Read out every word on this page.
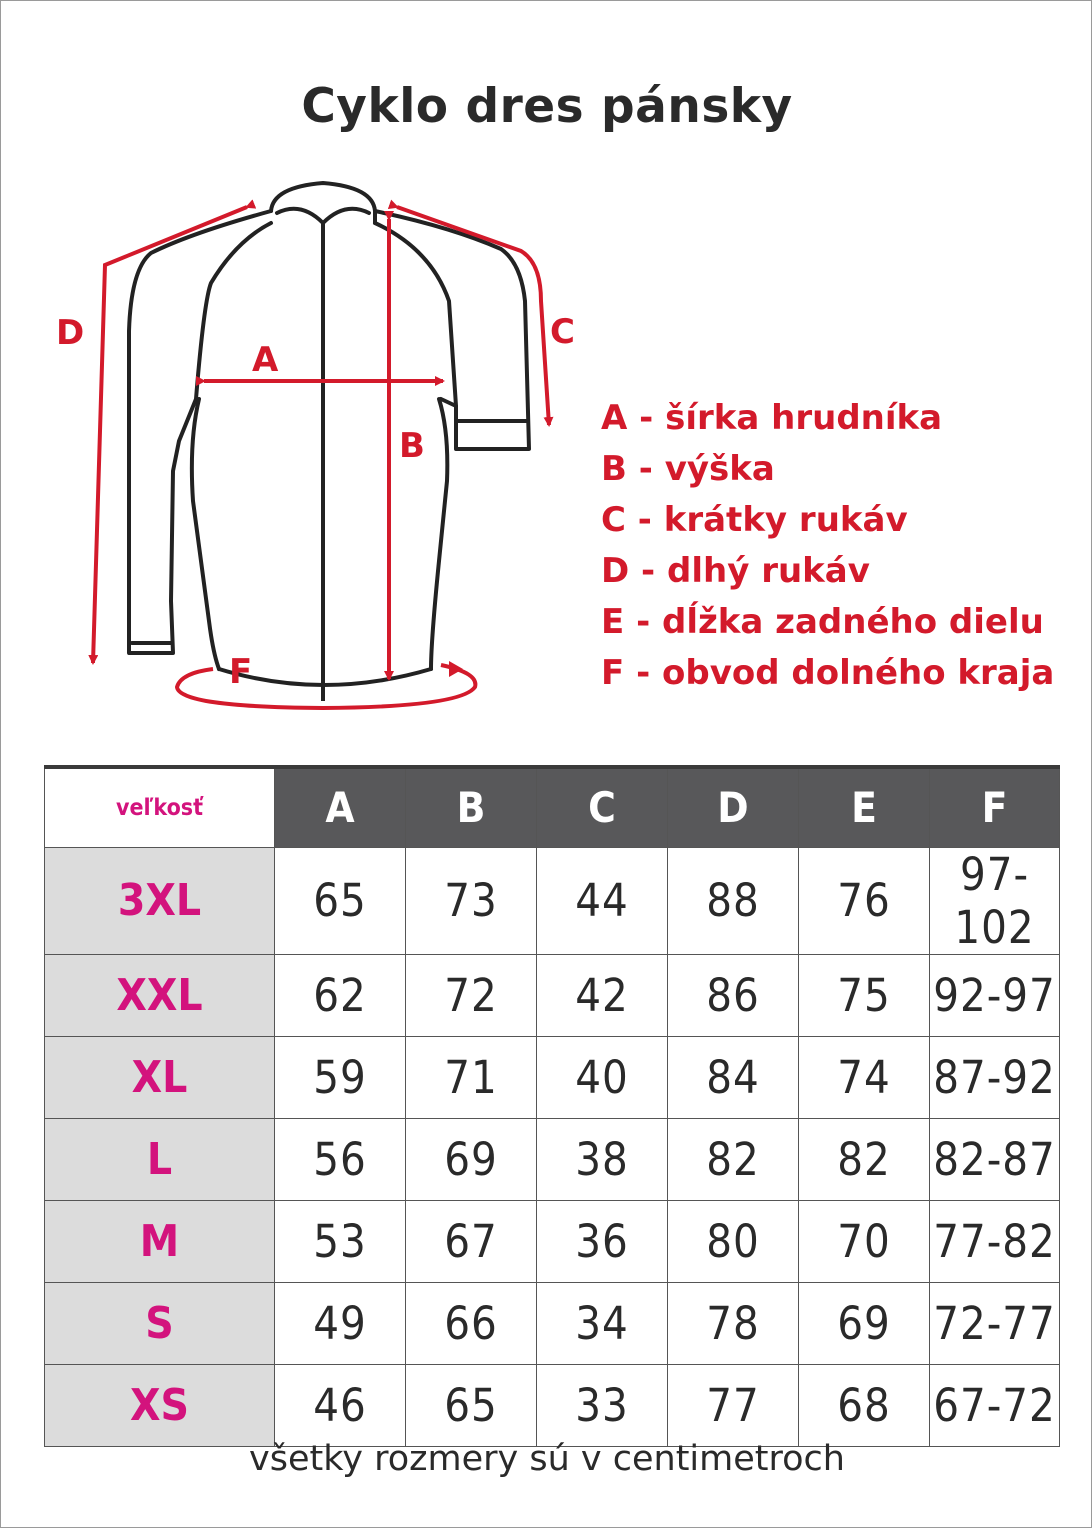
Cyklo dres pánsky
A
B
C
D
F
A - šírka hrudníka
B - výška
C - krátky rukáv
D - dlhý rukáv
E - dĺžka zadného dielu
F - obvod dolného kraja
veľkosť	A	B	C	D	E	F
3XL	65	73	44	88	76	97-102
XXL	62	72	42	86	75	92-97
XL	59	71	40	84	74	87-92
L	56	69	38	82	82	82-87
M	53	67	36	80	70	77-82
S	49	66	34	78	69	72-77
XS	46	65	33	77	68	67-72
všetky rozmery sú v centimetroch
